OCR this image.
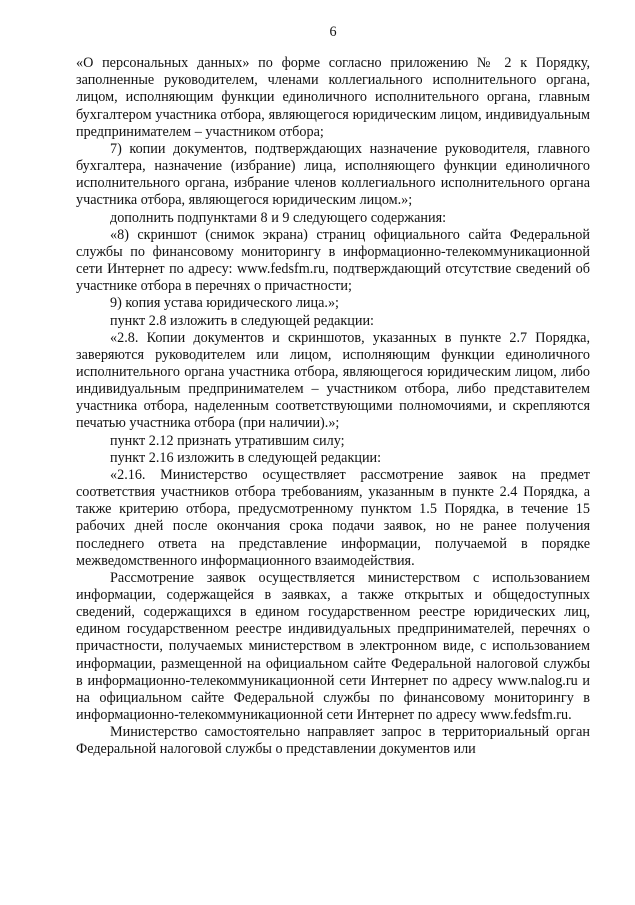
6

«О персональных данных» по форме согласно приложению № 2 к Порядку, заполненные руководителем, членами коллегиального исполнительного органа, лицом, исполняющим функции единоличного исполнительного органа, главным бухгалтером участника отбора, являющегося юридическим лицом, индивидуальным предпринимателем – участником отбора;

7) копии документов, подтверждающих назначение руководителя, главного бухгалтера, назначение (избрание) лица, исполняющего функции единоличного исполнительного органа, избрание членов коллегиального исполнительного органа участника отбора, являющегося юридическим лицом.»;

дополнить подпунктами 8 и 9 следующего содержания:

«8) скриншот (снимок экрана) страниц официального сайта Федеральной службы по финансовому мониторингу в информационно-телекоммуникационной сети Интернет по адресу: www.fedsfm.ru, подтверждающий отсутствие сведений об участнике отбора в перечнях о причастности;

9) копия устава юридического лица.»;

пункт 2.8 изложить в следующей редакции:

«2.8. Копии документов и скриншотов, указанных в пункте 2.7 Порядка, заверяются руководителем или лицом, исполняющим функции единоличного исполнительного органа участника отбора, являющегося юридическим лицом, либо индивидуальным предпринимателем – участником отбора, либо представителем участника отбора, наделенным соответствующими полномочиями, и скрепляются печатью участника отбора (при наличии).»;

пункт 2.12 признать утратившим силу;

пункт 2.16 изложить в следующей редакции:

«2.16. Министерство осуществляет рассмотрение заявок на предмет соответствия участников отбора требованиям, указанным в пункте 2.4 Порядка, а также критерию отбора, предусмотренному пунктом 1.5 Порядка, в течение 15 рабочих дней после окончания срока подачи заявок, но не ранее получения последнего ответа на представление информации, получаемой в порядке межведомственного информационного взаимодействия.

Рассмотрение заявок осуществляется министерством с использованием информации, содержащейся в заявках, а также открытых и общедоступных сведений, содержащихся в едином государственном реестре юридических лиц, едином государственном реестре индивидуальных предпринимателей, перечнях о причастности, получаемых министерством в электронном виде, с использованием информации, размещенной на официальном сайте Федеральной налоговой службы в информационно-телекоммуникационной сети Интернет по адресу www.nalog.ru и на официальном сайте Федеральной службы по финансовому мониторингу в информационно-телекоммуникационной сети Интернет по адресу www.fedsfm.ru.

Министерство самостоятельно направляет запрос в территориальный орган Федеральной налоговой службы о представлении документов или
